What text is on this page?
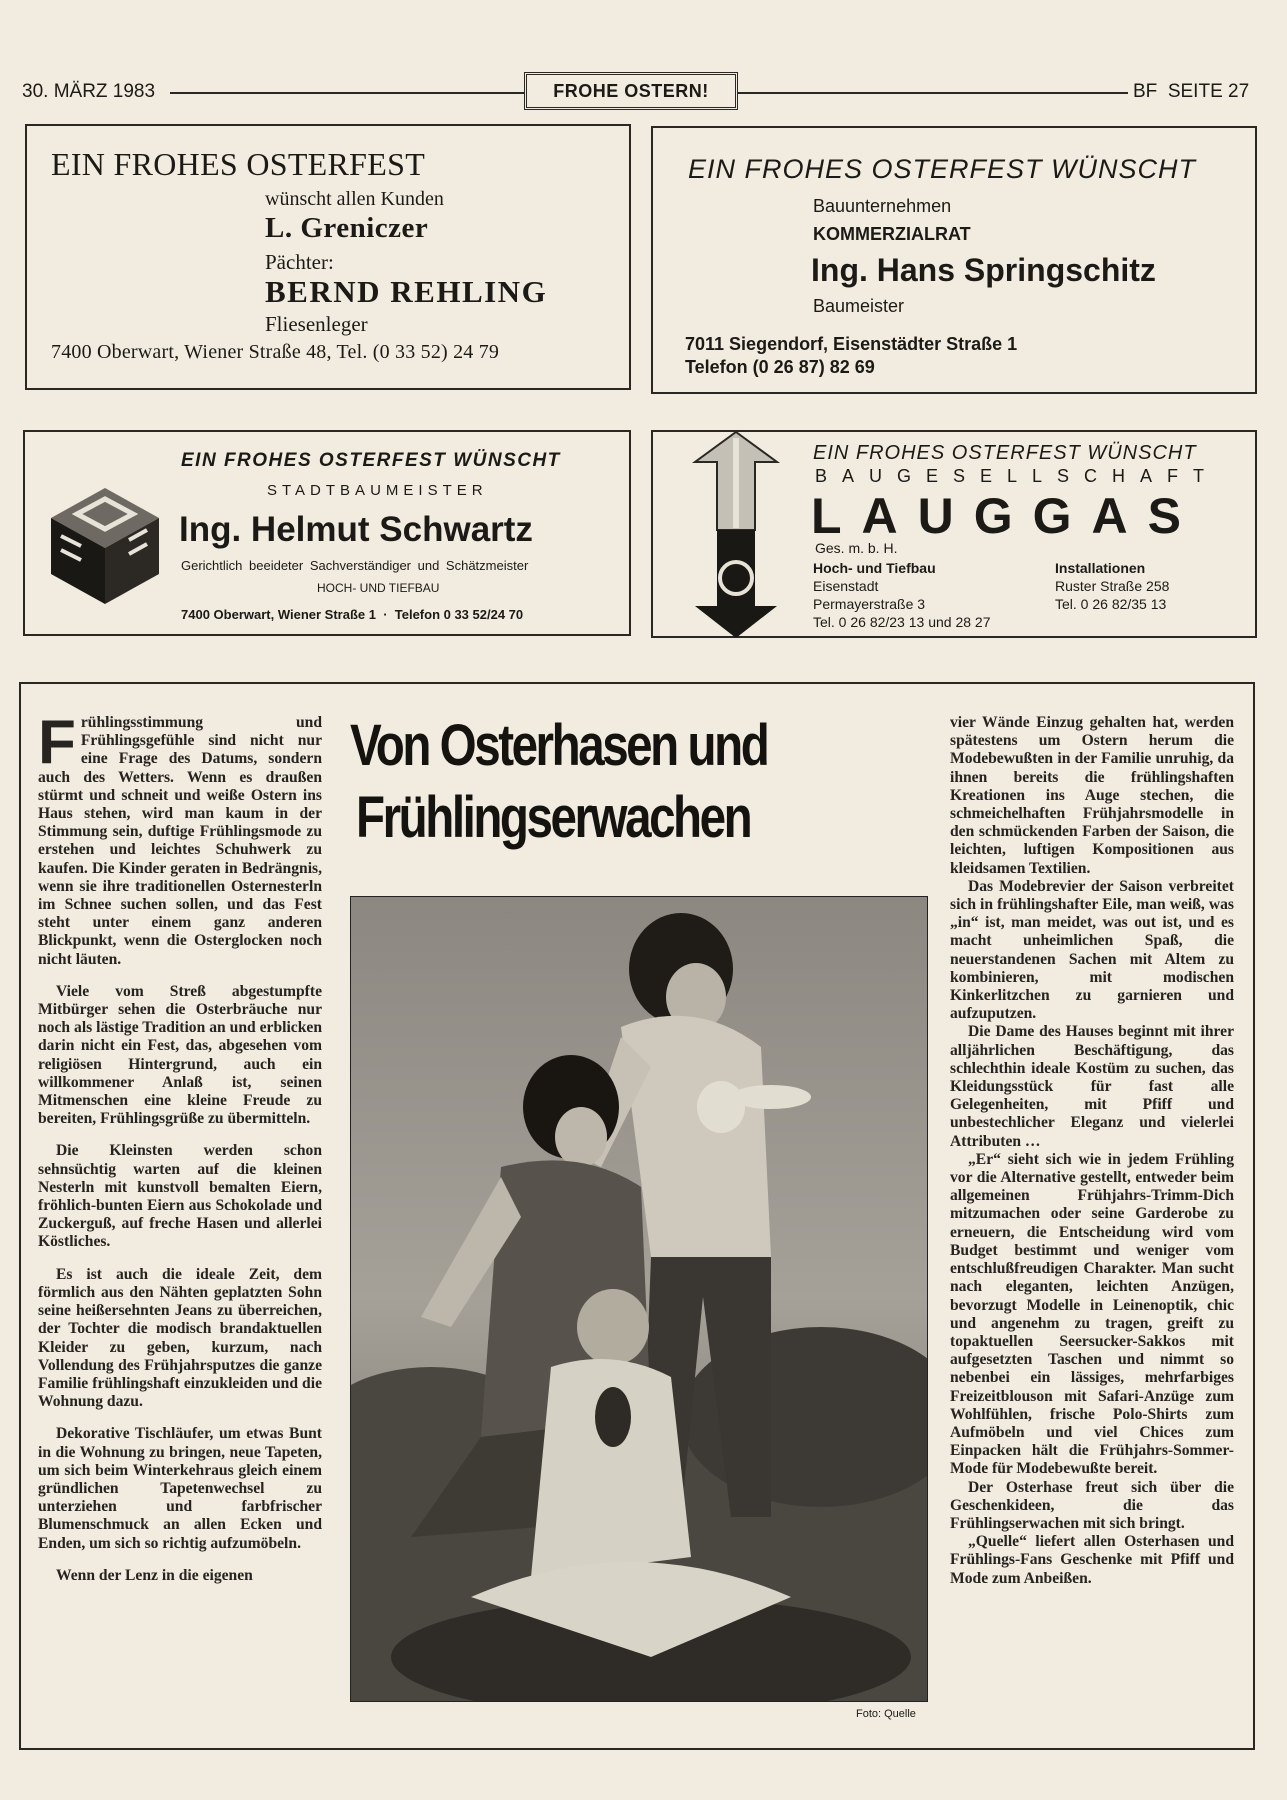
30. MÄRZ 1983	FROHE OSTERN!	BF  SEITE 27
EIN FROHES OSTERFEST
wünscht allen Kunden
L. Greniczer
Pächter:
BERND REHLING
Fliesenleger
7400 Oberwart, Wiener Straße 48, Tel. (0 33 52) 24 79
EIN FROHES OSTERFEST WÜNSCHT
Bauunternehmen
KOMMERZIALRAT
Ing. Hans Springschitz
Baumeister
7011 Siegendorf, Eisenstädter Straße 1
Telefon (0 26 87) 82 69
EIN FROHES OSTERFEST WÜNSCHT
STADTBAUMEISTER
Ing. Helmut Schwartz
Gerichtlich beeideter Sachverständiger und Schätzmeister
HOCH- UND TIEFBAU
7400 Oberwart, Wiener Straße 1  ·  Telefon 0 33 52/24 70
EIN FROHES OSTERFEST WÜNSCHT
BAUGESELLSCHAFT
LAUGGAS
Ges. m. b. H.
Hoch- und Tiefbau
Eisenstadt
Permayerstraße 3
Tel. 0 26 82/23 13 und 28 27
Installationen
Ruster Straße 258
Tel. 0 26 82/35 13

Frühlingsstimmung und Frühlingsgefühle sind nicht nur eine Frage des Datums, sondern auch des Wetters. Wenn es draußen stürmt und schneit und weiße Ostern ins Haus stehen, wird man kaum in der Stimmung sein, duftige Frühlingsmode zu erstehen und leichtes Schuhwerk zu kaufen. Die Kinder geraten in Bedrängnis, wenn sie ihre traditionellen Osternesterln im Schnee suchen sollen, und das Fest steht unter einem ganz anderen Blickpunkt, wenn die Osterglocken noch nicht läuten.

Viele vom Streß abgestumpfte Mitbürger sehen die Osterbräuche nur noch als lästige Tradition an und erblicken darin nicht ein Fest, das, abgesehen vom religiösen Hintergrund, auch ein willkommener Anlaß ist, seinen Mitmenschen eine kleine Freude zu bereiten, Frühlingsgrüße zu übermitteln.

Die Kleinsten werden schon sehnsüchtig warten auf die kleinen Nesterln mit kunstvoll bemalten Eiern, fröhlich-bunten Eiern aus Schokolade und Zuckerguß, auf freche Hasen und allerlei Köstliches.

Es ist auch die ideale Zeit, dem förmlich aus den Nähten geplatzten Sohn seine heißersehnten Jeans zu überreichen, der Tochter die modisch brandaktuellen Kleider zu geben, kurzum, nach Vollendung des Frühjahrsputzes die ganze Familie frühlingshaft einzukleiden und die Wohnung dazu.

Dekorative Tischläufer, um etwas Bunt in die Wohnung zu bringen, neue Tapeten, um sich beim Winterkehraus gleich einem gründlichen Tapetenwechsel zu unterziehen und farbfrischer Blumenschmuck an allen Ecken und Enden, um sich so richtig aufzumöbeln.

Wenn der Lenz in die eigenen

Von Osterhasen und
Frühlingserwachen
Foto: Quelle

vier Wände Einzug gehalten hat, werden spätestens um Ostern herum die Modebewußten in der Familie unruhig, da ihnen bereits die frühlingshaften Kreationen ins Auge stechen, die schmeichelhaften Frühjahrsmodelle in den schmückenden Farben der Saison, die leichten, luftigen Kompositionen aus kleidsamen Textilien.

Das Modebrevier der Saison verbreitet sich in frühlingshafter Eile, man weiß, was „in“ ist, man meidet, was out ist, und es macht unheimlichen Spaß, die neuerstandenen Sachen mit Altem zu kombinieren, mit modischen Kinkerlitzchen zu garnieren und aufzuputzen.

Die Dame des Hauses beginnt mit ihrer alljährlichen Beschäftigung, das schlechthin ideale Kostüm zu suchen, das Kleidungsstück für fast alle Gelegenheiten, mit Pfiff und unbestechlicher Eleganz und vielerlei Attributen …

„Er“ sieht sich wie in jedem Frühling vor die Alternative gestellt, entweder beim allgemeinen Frühjahrs-Trimm-Dich mitzumachen oder seine Garderobe zu erneuern, die Entscheidung wird vom Budget bestimmt und weniger vom entschlußfreudigen Charakter. Man sucht nach eleganten, leichten Anzügen, bevorzugt Modelle in Leinenoptik, chic und angenehm zu tragen, greift zu topaktuellen Seersucker-Sakkos mit aufgesetzten Taschen und nimmt so nebenbei ein lässiges, mehrfarbiges Freizeitblouson mit Safari-Anzüge zum Wohlfühlen, frische Polo-Shirts zum Aufmöbeln und viel Chices zum Einpacken hält die Frühjahrs-Sommer-Mode für Modebewußte bereit.

Der Osterhase freut sich über die Geschenkideen, die das Frühlingserwachen mit sich bringt.

„Quelle“ liefert allen Osterhasen und Frühlings-Fans Geschenke mit Pfiff und Mode zum Anbeißen.
